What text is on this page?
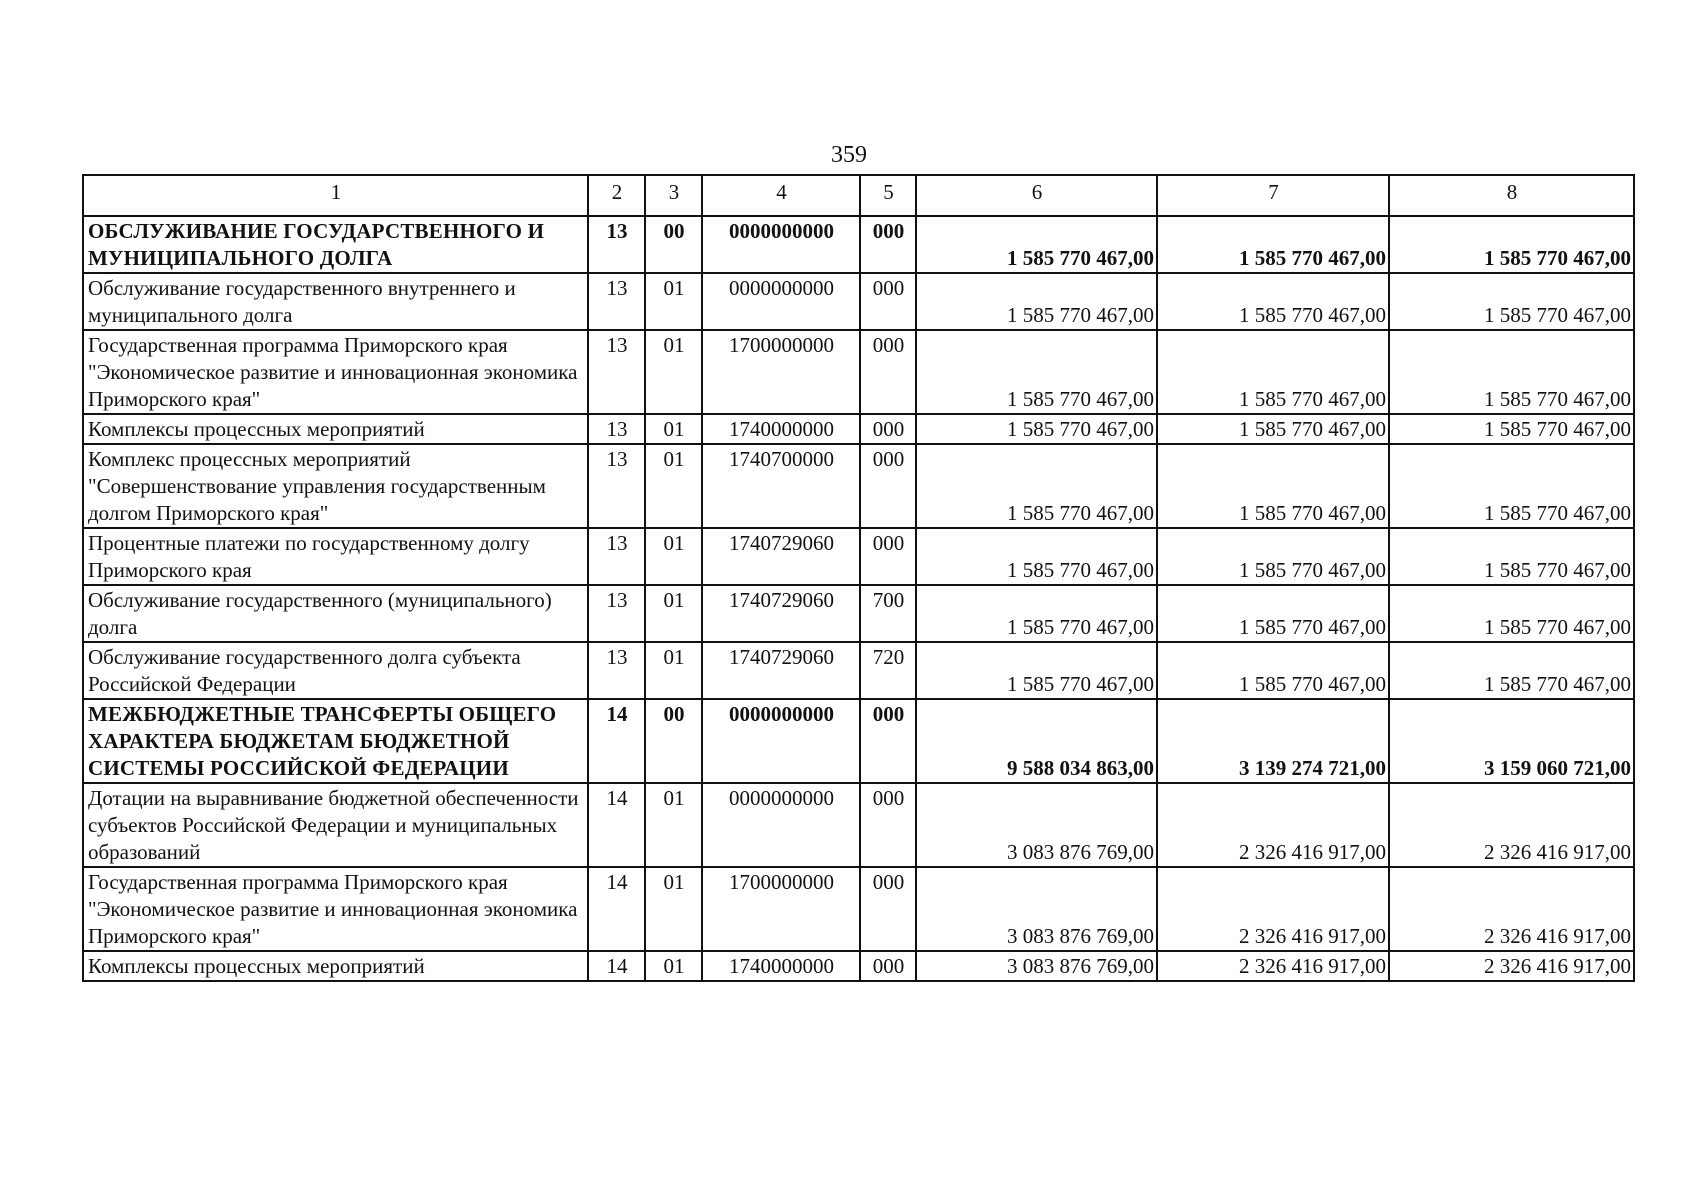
359
1	2	3	4	5	6	7	8
ОБСЛУЖИВАНИЕ ГОСУДАРСТВЕННОГО И МУНИЦИПАЛЬНОГО ДОЛГА	13	00	0000000000	000	1 585 770 467,00	1 585 770 467,00	1 585 770 467,00
Обслуживание государственного внутреннего и муниципального долга	13	01	0000000000	000	1 585 770 467,00	1 585 770 467,00	1 585 770 467,00
Государственная программа Приморского края "Экономическое развитие и инновационная экономика Приморского края"	13	01	1700000000	000	1 585 770 467,00	1 585 770 467,00	1 585 770 467,00
Комплексы процессных мероприятий	13	01	1740000000	000	1 585 770 467,00	1 585 770 467,00	1 585 770 467,00
Комплекс процессных мероприятий "Совершенствование управления государственным долгом Приморского края"	13	01	1740700000	000	1 585 770 467,00	1 585 770 467,00	1 585 770 467,00
Процентные платежи по государственному долгу Приморского края	13	01	1740729060	000	1 585 770 467,00	1 585 770 467,00	1 585 770 467,00
Обслуживание государственного (муниципального) долга	13	01	1740729060	700	1 585 770 467,00	1 585 770 467,00	1 585 770 467,00
Обслуживание государственного долга субъекта Российской Федерации	13	01	1740729060	720	1 585 770 467,00	1 585 770 467,00	1 585 770 467,00
МЕЖБЮДЖЕТНЫЕ ТРАНСФЕРТЫ ОБЩЕГО ХАРАКТЕРА БЮДЖЕТАМ БЮДЖЕТНОЙ СИСТЕМЫ РОССИЙСКОЙ ФЕДЕРАЦИИ	14	00	0000000000	000	9 588 034 863,00	3 139 274 721,00	3 159 060 721,00
Дотации на выравнивание бюджетной обеспеченности субъектов Российской Федерации и муниципальных образований	14	01	0000000000	000	3 083 876 769,00	2 326 416 917,00	2 326 416 917,00
Государственная программа Приморского края "Экономическое развитие и инновационная экономика Приморского края"	14	01	1700000000	000	3 083 876 769,00	2 326 416 917,00	2 326 416 917,00
Комплексы процессных мероприятий	14	01	1740000000	000	3 083 876 769,00	2 326 416 917,00	2 326 416 917,00
